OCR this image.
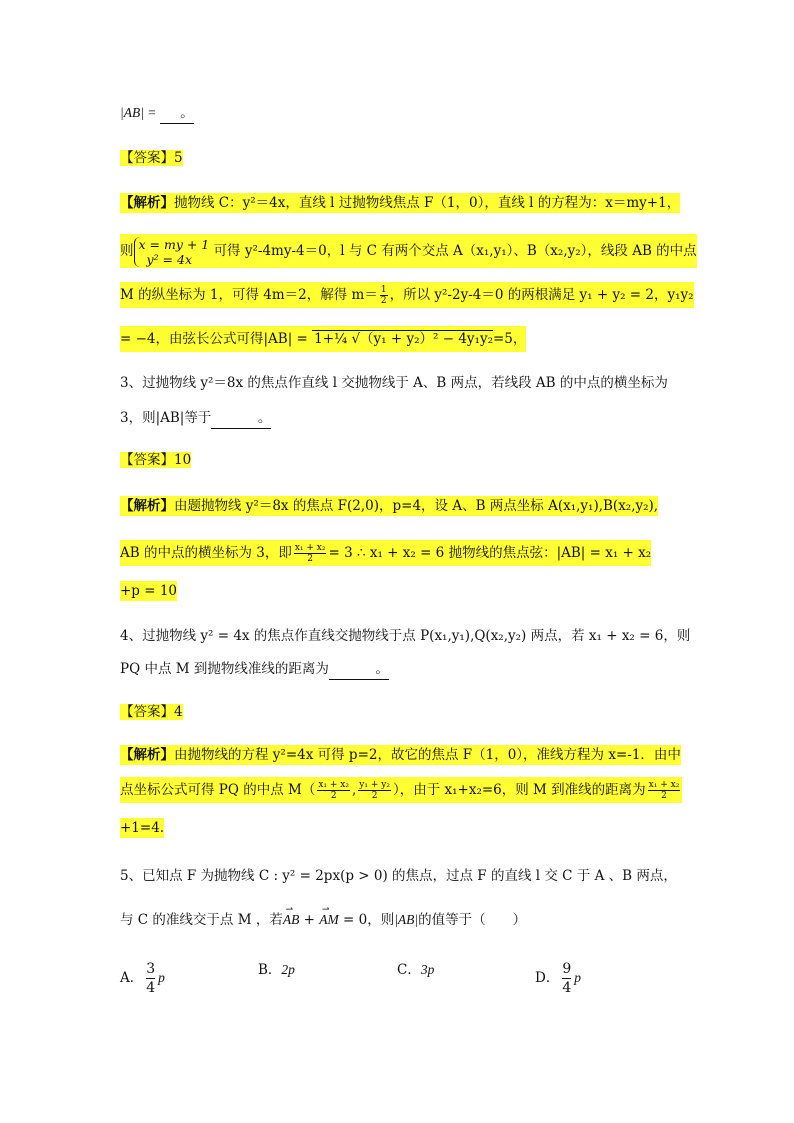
|AB| = 。
【答案】5
【解析】抛物线 C：y²＝4x，直线 l 过抛物线焦点 F（1，0），直线 l 的方程为：x＝my+1，
则 x = my + 1
y² = 4x	可得 y²-4my-4＝0，l 与 C 有两个交点 A（x₁,y₁）、B（x₂,y₂），线段 AB 的中点
M 的纵坐标为 1，可得 4m＝2，解得 $m= \frac{1}{2}$ ，所以 y²-2y-4＝0 的两根满足 y₁ + y₂ = 2，y₁y₂
= −4，由弦长公式可得|AB| = 1+¼ √（y₁ + y₂）² − 4y₁y₂=5，
3、过抛物线 y²＝8x 的焦点作直线 l 交抛物线于 A、B 两点，若线段 AB 的中点的横坐标为
3，则|AB|等于	。
【答案】10
【解析】由题抛物线 y²＝8x 的焦点 F(2,0)，p=4，设 A、B 两点坐标 A(x₁,y₁),B(x₂,y₂),
AB 的中点的横坐标为 3，即 $\frac{\text{x₁ + x₂}}{2} = 3$ ∴ x₁ + x₂ = 6 抛物线的焦点弦：|AB| = x₁ + x₂
+p = 10
4、过抛物线 y² = 4x 的焦点作直线交抛物线于点 P(x₁,y₁),Q(x₂,y₂) 两点，若 x₁ + x₂ = 6，则
PQ 中点 M 到抛物线准线的距离为	。
【答案】4
【解析】由抛物线的方程 y²=4x 可得 p=2，故它的焦点 F（1，0），准线方程为 x=-1．由中
点坐标公式可得 PQ 的中点 $M( \frac{\text{x₁ + x₂}}{2}$ , $\frac{\text{y₁ + y₂}}{2}$ ），由于 x₁+x₂=6，则 M 到准线的距离为 $\frac{\text{x₁ + x₂}}{2}$
+1=4.
5、已知点 F 为抛物线 C : y² = 2px(p > 0) 的焦点，过点 F 的直线 l 交 C 于 A 、B 两点，
与 C 的准线交于点 M ，若⇀ AB + ⇀ AM = 0，则|AB|的值等于（　　）
A． $\frac{3}{4}$ p	B．2p	C．3p
D． $\frac{9}{4}$ p
